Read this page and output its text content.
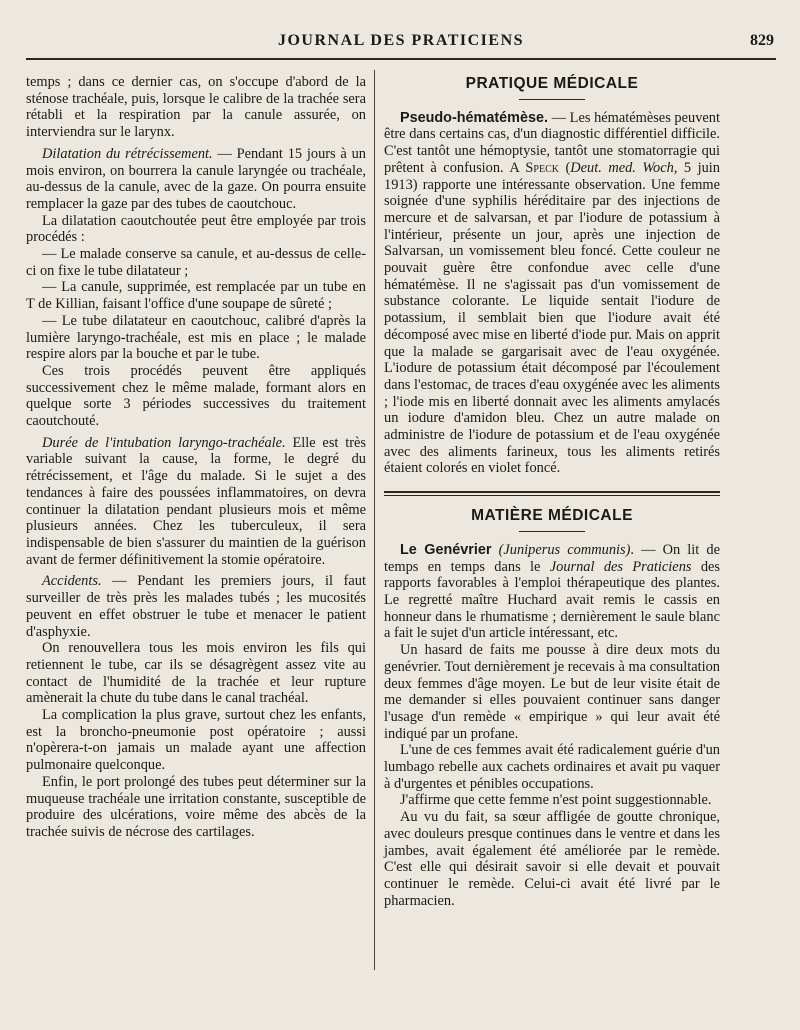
JOURNAL DES PRATICIENS	829

temps ; dans ce dernier cas, on s'occupe d'abord de la sténose trachéale, puis, lorsque le calibre de la trachée sera rétabli et la respiration par la canule assurée, on interviendra sur le larynx.

Dilatation du rétrécissement. — Pendant 15 jours à un mois environ, on bourrera la canule laryngée ou trachéale, au-dessus de la canule, avec de la gaze. On pourra ensuite remplacer la gaze par des tubes de caoutchouc.

La dilatation caoutchoutée peut être employée par trois procédés :

— Le malade conserve sa canule, et au-dessus de celle-ci on fixe le tube dilatateur ;

— La canule, supprimée, est remplacée par un tube en T de Killian, faisant l'office d'une soupape de sûreté ;

— Le tube dilatateur en caoutchouc, calibré d'après la lumière laryngo-trachéale, est mis en place ; le malade respire alors par la bouche et par le tube.

Ces trois procédés peuvent être appliqués successivement chez le même malade, formant alors en quelque sorte 3 périodes successives du traitement caoutchouté.

Durée de l'intubation laryngo-trachéale. Elle est très variable suivant la cause, la forme, le degré du rétrécissement, et l'âge du malade. Si le sujet a des tendances à faire des poussées inflammatoires, on devra continuer la dilatation pendant plusieurs mois et même plusieurs années. Chez les tuberculeux, il sera indispensable de bien s'assurer du maintien de la guérison avant de fermer définitivement la stomie opératoire.

Accidents. — Pendant les premiers jours, il faut surveiller de très près les malades tubés ; les mucosités peuvent en effet obstruer le tube et menacer le patient d'asphyxie.

On renouvellera tous les mois environ les fils qui retiennent le tube, car ils se désagrègent assez vite au contact de l'humidité de la trachée et leur rupture amènerait la chute du tube dans le canal trachéal.

La complication la plus grave, surtout chez les enfants, est la broncho-pneumonie post opératoire ; aussi n'opèrera-t-on jamais un malade ayant une affection pulmonaire quelconque.

Enfin, le port prolongé des tubes peut déterminer sur la muqueuse trachéale une irritation constante, susceptible de produire des ulcérations, voire même des abcès de la trachée suivis de nécrose des cartilages.

PRATIQUE MÉDICALE

Pseudo-hématémèse. — Les hématémèses peuvent être dans certains cas, d'un diagnostic différentiel difficile. C'est tantôt une hémoptysie, tantôt une stomatorragie qui prêtent à confusion. A Speck (Deut. med. Woch, 5 juin 1913) rapporte une intéressante observation. Une femme soignée d'une syphilis héréditaire par des injections de mercure et de salvarsan, et par l'iodure de potassium à l'intérieur, présente un jour, après une injection de Salvarsan, un vomissement bleu foncé. Cette couleur ne pouvait guère être confondue avec celle d'une hématémèse. Il ne s'agissait pas d'un vomissement de substance colorante. Le liquide sentait l'iodure de potassium, il semblait bien que l'iodure avait été décomposé avec mise en liberté d'iode pur. Mais on apprit que la malade se gargarisait avec de l'eau oxygénée. L'iodure de potassium était décomposé par l'écoulement dans l'estomac, de traces d'eau oxygénée avec les aliments ; l'iode mis en liberté donnait avec les aliments amylacés un iodure d'amidon bleu. Chez un autre malade on administre de l'iodure de potassium et de l'eau oxygénée avec des aliments farineux, tous les aliments retirés étaient colorés en violet foncé.

MATIÈRE MÉDICALE

Le Genévrier (Juniperus communis). — On lit de temps en temps dans le Journal des Praticiens des rapports favorables à l'emploi thérapeutique des plantes. Le regretté maître Huchard avait remis le cassis en honneur dans le rhumatisme ; dernièrement le saule blanc a fait le sujet d'un article intéressant, etc.

Un hasard de faits me pousse à dire deux mots du genévrier. Tout dernièrement je recevais à ma consultation deux femmes d'âge moyen. Le but de leur visite était de me demander si elles pouvaient continuer sans danger l'usage d'un remède « empirique » qui leur avait été indiqué par un profane.

L'une de ces femmes avait été radicalement guérie d'un lumbago rebelle aux cachets ordinaires et avait pu vaquer à d'urgentes et pénibles occupations.

J'affirme que cette femme n'est point suggestionnable.

Au vu du fait, sa sœur affligée de goutte chronique, avec douleurs presque continues dans le ventre et dans les jambes, avait également été améliorée par le remède. C'est elle qui désirait savoir si elle devait et pouvait continuer le remède. Celui-ci avait été livré par le pharmacien.
